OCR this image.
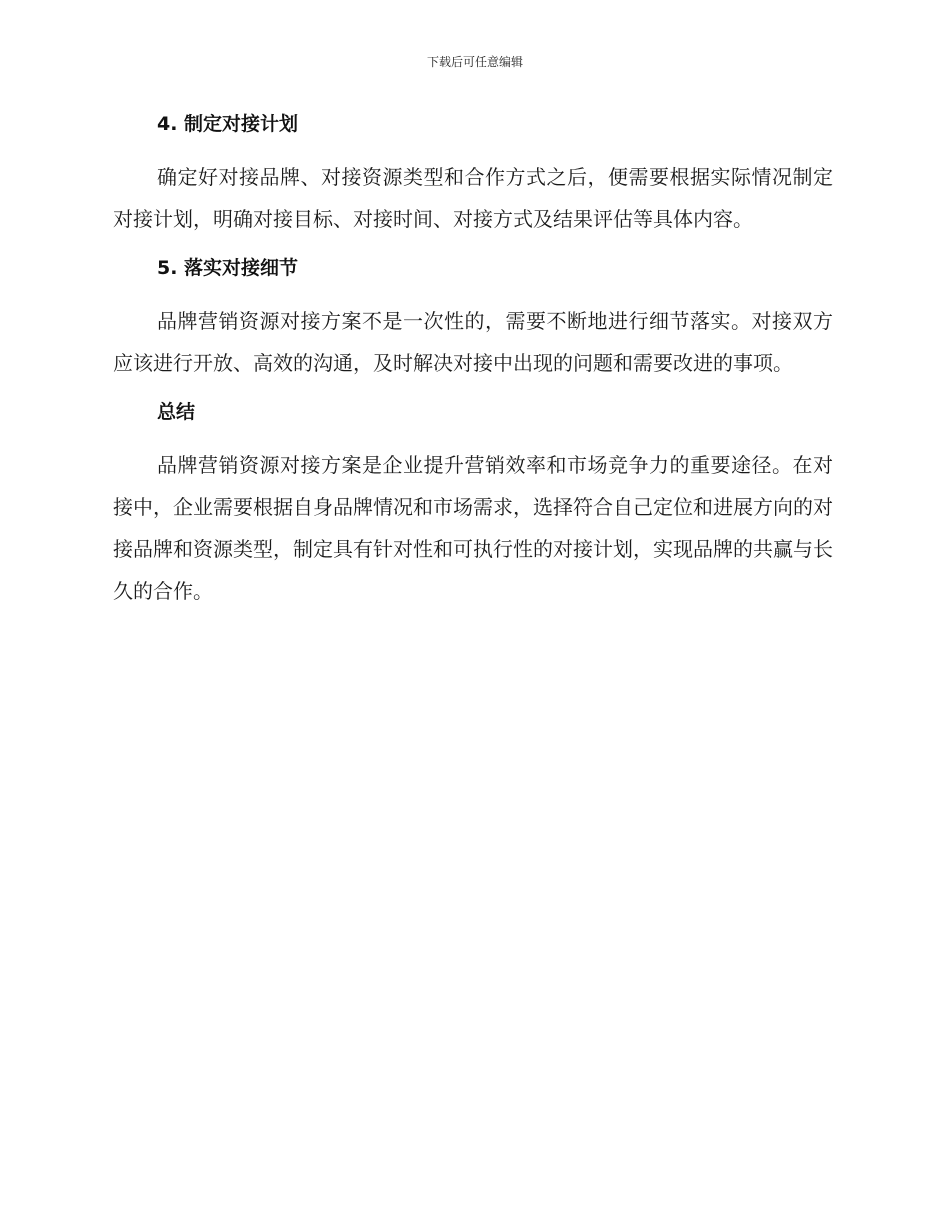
下载后可任意编辑
4. 制定对接计划

确定好对接品牌、对接资源类型和合作方式之后，便需要根据实际情况制定对接计划，明确对接目标、对接时间、对接方式及结果评估等具体内容。

5. 落实对接细节

品牌营销资源对接方案不是一次性的，需要不断地进行细节落实。对接双方应该进行开放、高效的沟通，及时解决对接中出现的问题和需要改进的事项。

总结

品牌营销资源对接方案是企业提升营销效率和市场竞争力的重要途径。在对接中，企业需要根据自身品牌情况和市场需求，选择符合自己定位和进展方向的对接品牌和资源类型，制定具有针对性和可执行性的对接计划，实现品牌的共赢与长久的合作。
